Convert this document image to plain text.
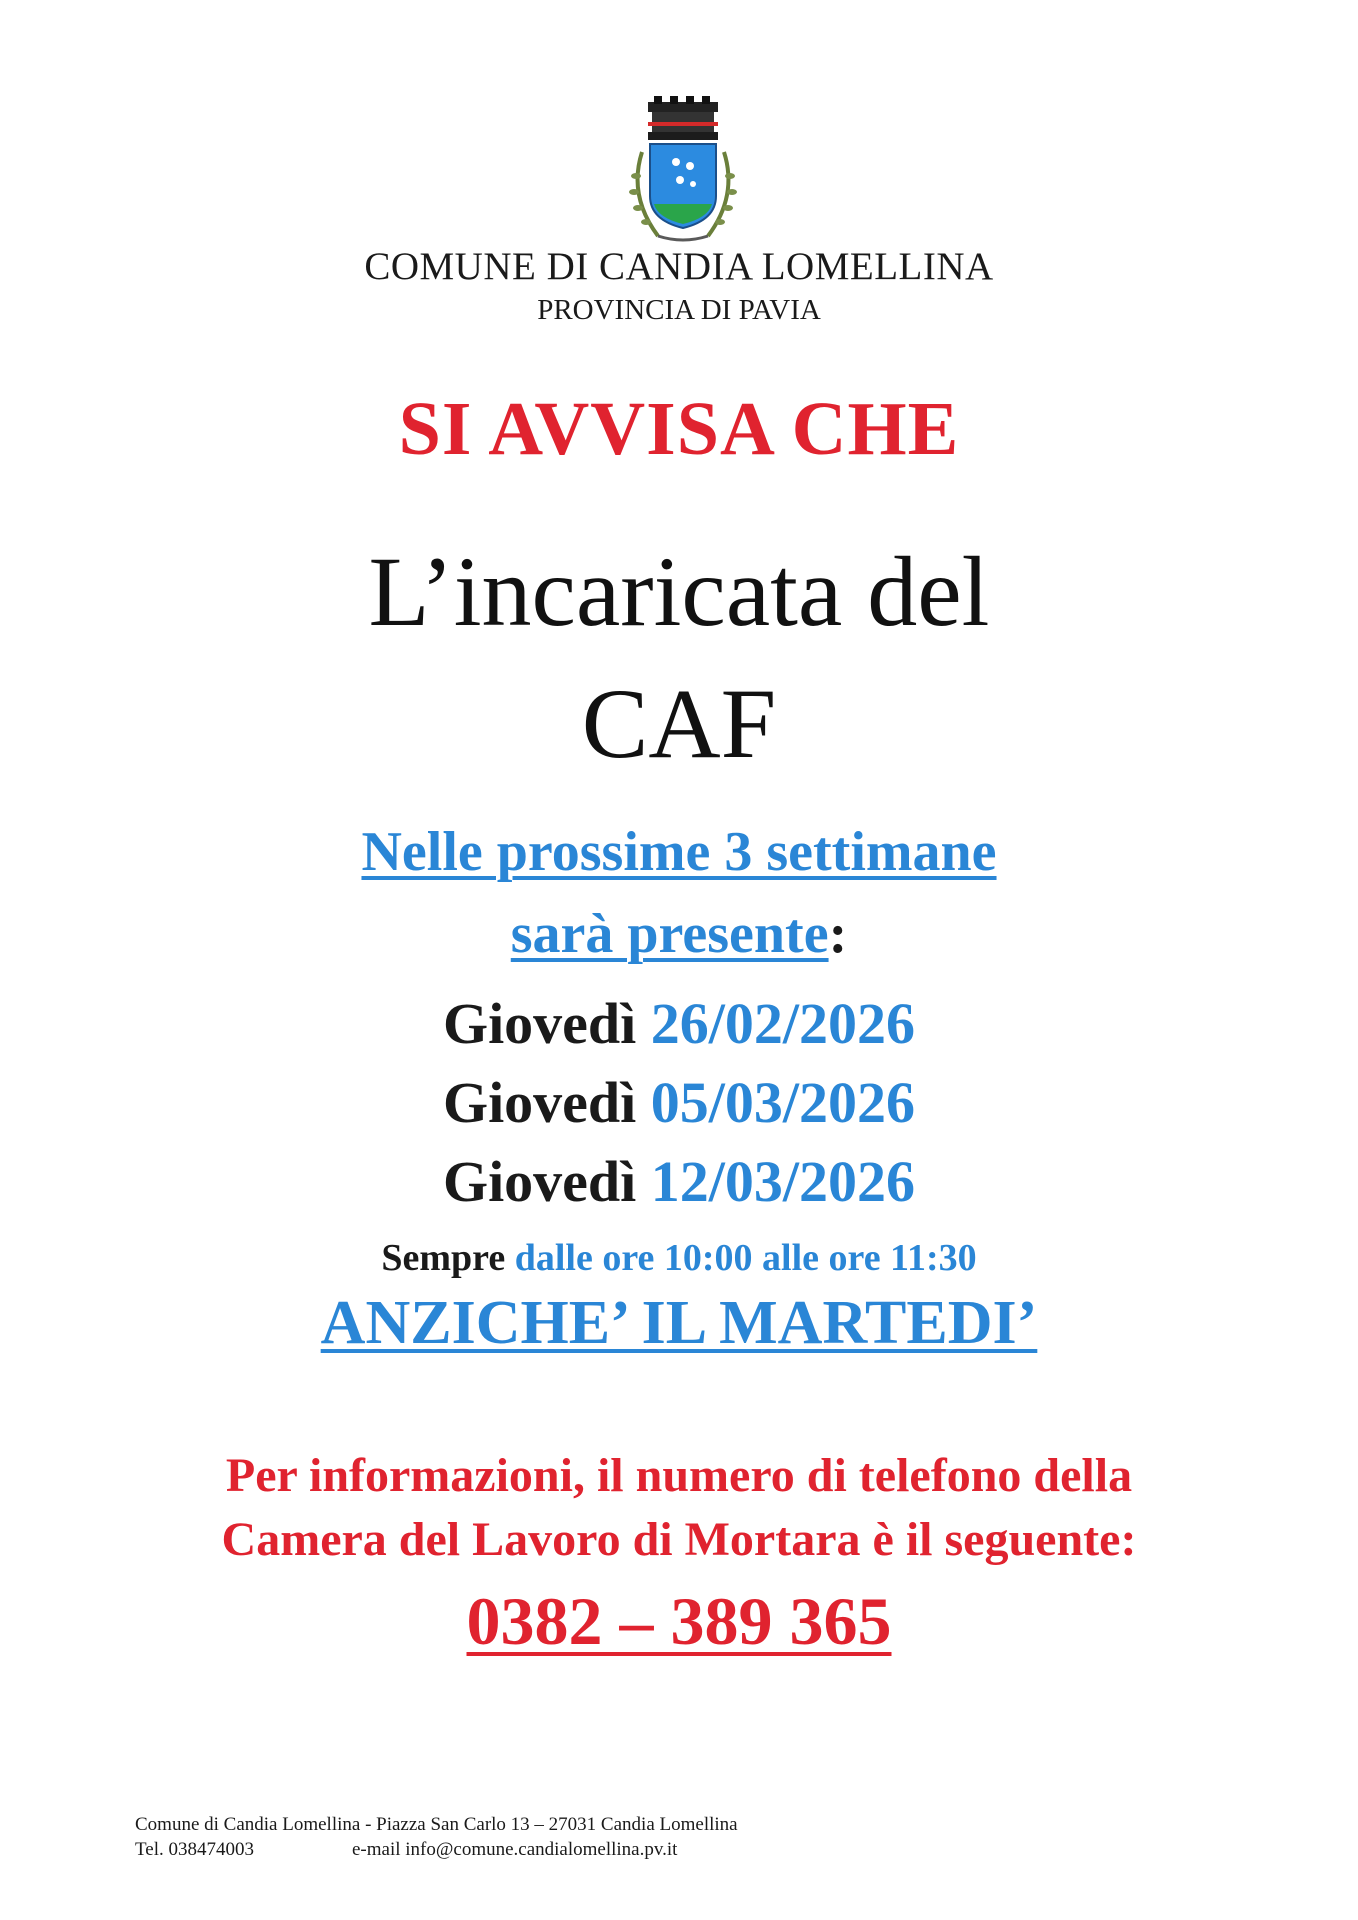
COMUNE DI CANDIA LOMELLINA
PROVINCIA DI PAVIA
SI AVVISA CHE
L’incaricata del
CAF
Nelle prossime 3 settimane
sarà presente:
Giovedì 26/02/2026
Giovedì 05/03/2026
Giovedì 12/03/2026
Sempre dalle ore 10:00 alle ore 11:30
ANZICHE’ IL MARTEDI’
Per informazioni, il numero di telefono della
Camera del Lavoro di Mortara è il seguente:
0382 – 389 365
Comune di Candia Lomellina - Piazza San Carlo 13 – 27031 Candia Lomellina
Tel. 038474003	e-mail info@comune.candialomellina.pv.it
